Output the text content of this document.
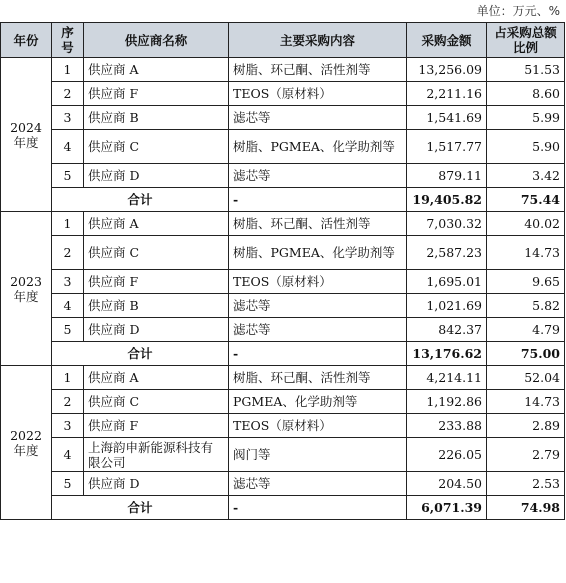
单位：万元、%
年份	序号	供应商名称	主要采购内容	采购金额	占采购总额比例

2024
年度	1	供应商 A	树脂、环己酮、活性剂等	13,256.09	51.53
	2	供应商 F	TEOS（原材料）	2,211.16	8.60
	3	供应商 B	滤芯等	1,541.69	5.99
	4	供应商 C	树脂、PGMEA、化学助剂等	1,517.77	5.90
	5	供应商 D	滤芯等	879.11	3.42
	合计		-	19,405.82	75.44

2023
年度	1	供应商 A	树脂、环己酮、活性剂等	7,030.32	40.02
	2	供应商 C	树脂、PGMEA、化学助剂等	2,587.23	14.73
	3	供应商 F	TEOS（原材料）	1,695.01	9.65
	4	供应商 B	滤芯等	1,021.69	5.82
	5	供应商 D	滤芯等	842.37	4.79
	合计		-	13,176.62	75.00

2022
年度	1	供应商 A	树脂、环己酮、活性剂等	4,214.11	52.04
	2	供应商 C	PGMEA、化学助剂等	1,192.86	14.73
	3	供应商 F	TEOS（原材料）	233.88	2.89
	4	上海韵申新能源科技有限公司	阀门等	226.05	2.79
	5	供应商 D	滤芯等	204.50	2.53
	合计		-	6,071.39	74.98
